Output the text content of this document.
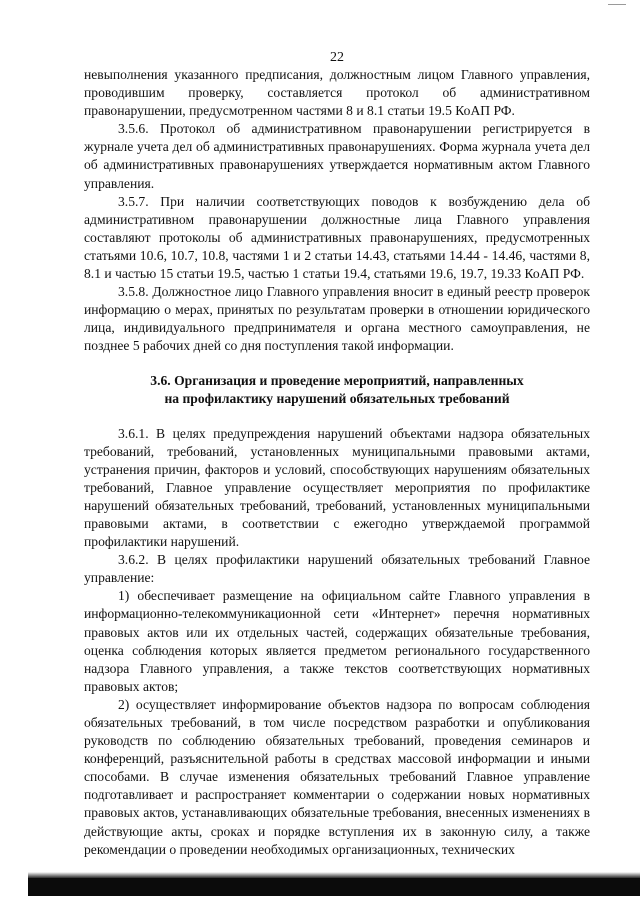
22

невыполнения указанного предписания, должностным лицом Главного управления, проводившим проверку, составляется протокол об административном правонарушении, предусмотренном частями 8 и 8.1 статьи 19.5 КоАП РФ.

3.5.6. Протокол об административном правонарушении регистрируется в журнале учета дел об административных правонарушениях. Форма журнала учета дел об административных правонарушениях утверждается нормативным актом Главного управления.

3.5.7. При наличии соответствующих поводов к возбуждению дела об административном правонарушении должностные лица Главного управления составляют протоколы об административных правонарушениях, предусмотренных статьями 10.6, 10.7, 10.8, частями 1 и 2 статьи 14.43, статьями 14.44 - 14.46, частями 8, 8.1 и частью 15 статьи 19.5, частью 1 статьи 19.4, статьями 19.6, 19.7, 19.33 КоАП РФ.

3.5.8. Должностное лицо Главного управления вносит в единый реестр проверок информацию о мерах, принятых по результатам проверки в отношении юридического лица, индивидуального предпринимателя и органа местного самоуправления, не позднее 5 рабочих дней со дня поступления такой информации.

3.6. Организация и проведение мероприятий, направленных
на профилактику нарушений обязательных требований

3.6.1. В целях предупреждения нарушений объектами надзора обязательных требований, требований, установленных муниципальными правовыми актами, устранения причин, факторов и условий, способствующих нарушениям обязательных требований, Главное управление осуществляет мероприятия по профилактике нарушений обязательных требований, требований, установленных муниципальными правовыми актами, в соответствии с ежегодно утверждаемой программой профилактики нарушений.

3.6.2. В целях профилактики нарушений обязательных требований Главное управление:

1) обеспечивает размещение на официальном сайте Главного управления в информационно-телекоммуникационной сети «Интернет» перечня нормативных правовых актов или их отдельных частей, содержащих обязательные требования, оценка соблюдения которых является предметом регионального государственного надзора Главного управления, а также текстов соответствующих нормативных правовых актов;

2) осуществляет информирование объектов надзора по вопросам соблюдения обязательных требований, в том числе посредством разработки и опубликования руководств по соблюдению обязательных требований, проведения семинаров и конференций, разъяснительной работы в средствах массовой информации и иными способами. В случае изменения обязательных требований Главное управление подготавливает и распространяет комментарии о содержании новых нормативных правовых актов, устанавливающих обязательные требования, внесенных изменениях в действующие акты, сроках и порядке вступления их в законную силу, а также рекомендации о проведении необходимых организационных, технических
